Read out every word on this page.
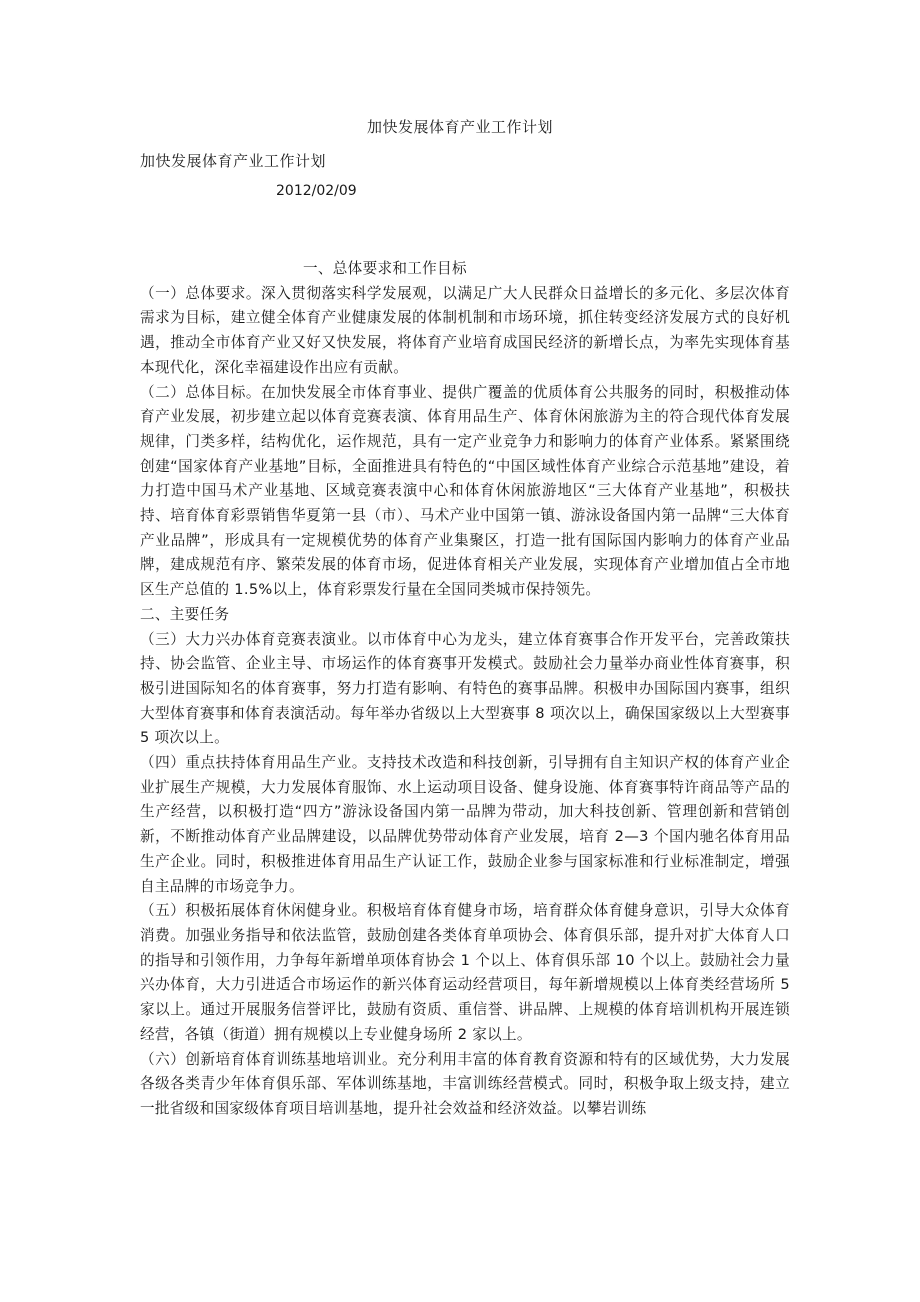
加快发展体育产业工作计划
加快发展体育产业工作计划
2012/02/09

一、总体要求和工作目标

（一）总体要求。深入贯彻落实科学发展观，以满足广大人民群众日益增长的多元化、多层次体育需求为目标，建立健全体育产业健康发展的体制机制和市场环境，抓住转变经济发展方式的良好机遇，推动全市体育产业又好又快发展，将体育产业培育成国民经济的新增长点，为率先实现体育基本现代化，深化幸福建设作出应有贡献。

（二）总体目标。在加快发展全市体育事业、提供广覆盖的优质体育公共服务的同时，积极推动体育产业发展，初步建立起以体育竞赛表演、体育用品生产、体育休闲旅游为主的符合现代体育发展规律，门类多样，结构优化，运作规范，具有一定产业竞争力和影响力的体育产业体系。紧紧围绕创建“国家体育产业基地”目标，全面推进具有特色的“中国区域性体育产业综合示范基地”建设，着力打造中国马术产业基地、区域竞赛表演中心和体育休闲旅游地区“三大体育产业基地”，积极扶持、培育体育彩票销售华夏第一县（市）、马术产业中国第一镇、游泳设备国内第一品牌“三大体育产业品牌”，形成具有一定规模优势的体育产业集聚区，打造一批有国际国内影响力的体育产业品牌，建成规范有序、繁荣发展的体育市场，促进体育相关产业发展，实现体育产业增加值占全市地区生产总值的 1.5%以上，体育彩票发行量在全国同类城市保持领先。

二、主要任务

（三）大力兴办体育竞赛表演业。以市体育中心为龙头，建立体育赛事合作开发平台，完善政策扶持、协会监管、企业主导、市场运作的体育赛事开发模式。鼓励社会力量举办商业性体育赛事，积极引进国际知名的体育赛事，努力打造有影响、有特色的赛事品牌。积极申办国际国内赛事，组织大型体育赛事和体育表演活动。每年举办省级以上大型赛事 8 项次以上，确保国家级以上大型赛事 5 项次以上。

（四）重点扶持体育用品生产业。支持技术改造和科技创新，引导拥有自主知识产权的体育产业企业扩展生产规模，大力发展体育服饰、水上运动项目设备、健身设施、体育赛事特许商品等产品的生产经营，以积极打造“四方”游泳设备国内第一品牌为带动，加大科技创新、管理创新和营销创新，不断推动体育产业品牌建设，以品牌优势带动体育产业发展，培育 2—3 个国内驰名体育用品生产企业。同时，积极推进体育用品生产认证工作，鼓励企业参与国家标准和行业标准制定，增强自主品牌的市场竞争力。

（五）积极拓展体育休闲健身业。积极培育体育健身市场，培育群众体育健身意识，引导大众体育消费。加强业务指导和依法监管，鼓励创建各类体育单项协会、体育俱乐部，提升对扩大体育人口的指导和引领作用，力争每年新增单项体育协会 1 个以上、体育俱乐部 10 个以上。鼓励社会力量兴办体育，大力引进适合市场运作的新兴体育运动经营项目，每年新增规模以上体育类经营场所 5 家以上。通过开展服务信誉评比，鼓励有资质、重信誉、讲品牌、上规模的体育培训机构开展连锁经营，各镇（街道）拥有规模以上专业健身场所 2 家以上。

（六）创新培育体育训练基地培训业。充分利用丰富的体育教育资源和特有的区域优势，大力发展各级各类青少年体育俱乐部、军体训练基地，丰富训练经营模式。同时，积极争取上级支持，建立一批省级和国家级体育项目培训基地，提升社会效益和经济效益。以攀岩训练
